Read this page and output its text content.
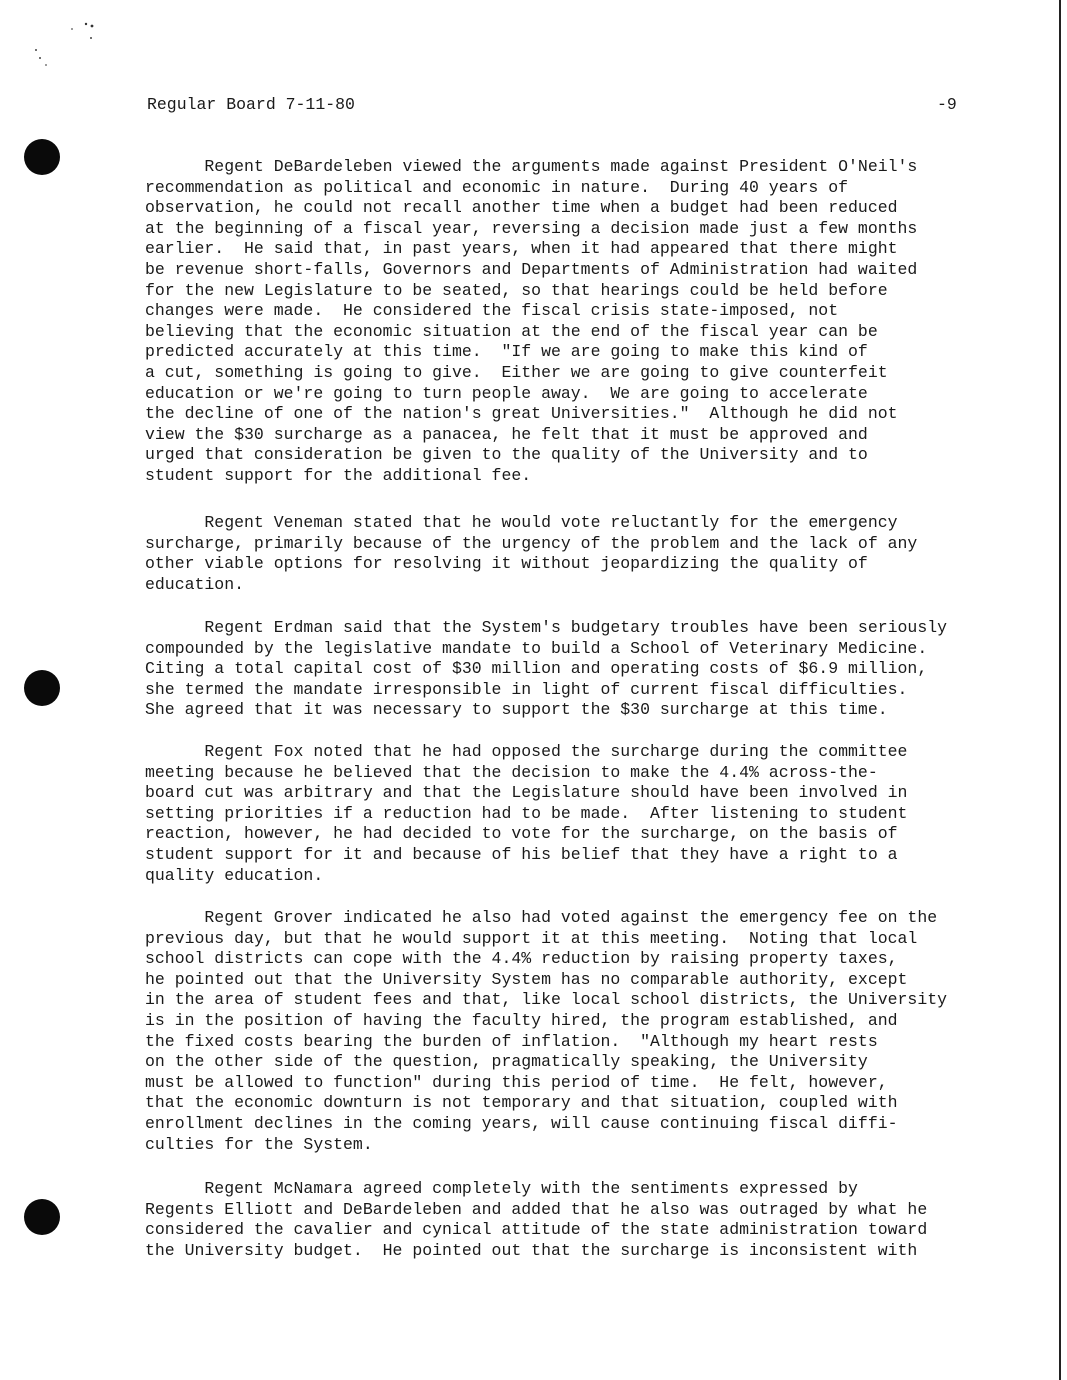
Regular Board 7-11-80	-9
Regent DeBardeleben viewed the arguments made against President O'Neil's
recommendation as political and economic in nature.  During 40 years of
observation, he could not recall another time when a budget had been reduced
at the beginning of a fiscal year, reversing a decision made just a few months
earlier.  He said that, in past years, when it had appeared that there might
be revenue short-falls, Governors and Departments of Administration had waited
for the new Legislature to be seated, so that hearings could be held before
changes were made.  He considered the fiscal crisis state-imposed, not
believing that the economic situation at the end of the fiscal year can be
predicted accurately at this time.  "If we are going to make this kind of
a cut, something is going to give.  Either we are going to give counterfeit
education or we're going to turn people away.  We are going to accelerate
the decline of one of the nation's great Universities."  Although he did not
view the $30 surcharge as a panacea, he felt that it must be approved and
urged that consideration be given to the quality of the University and to
student support for the additional fee.
Regent Veneman stated that he would vote reluctantly for the emergency
surcharge, primarily because of the urgency of the problem and the lack of any
other viable options for resolving it without jeopardizing the quality of
education.
Regent Erdman said that the System's budgetary troubles have been seriously
compounded by the legislative mandate to build a School of Veterinary Medicine.
Citing a total capital cost of $30 million and operating costs of $6.9 million,
she termed the mandate irresponsible in light of current fiscal difficulties.
She agreed that it was necessary to support the $30 surcharge at this time.
Regent Fox noted that he had opposed the surcharge during the committee
meeting because he believed that the decision to make the 4.4% across-the-
board cut was arbitrary and that the Legislature should have been involved in
setting priorities if a reduction had to be made.  After listening to student
reaction, however, he had decided to vote for the surcharge, on the basis of
student support for it and because of his belief that they have a right to a
quality education.
Regent Grover indicated he also had voted against the emergency fee on the
previous day, but that he would support it at this meeting.  Noting that local
school districts can cope with the 4.4% reduction by raising property taxes,
he pointed out that the University System has no comparable authority, except
in the area of student fees and that, like local school districts, the University
is in the position of having the faculty hired, the program established, and
the fixed costs bearing the burden of inflation.  "Although my heart rests
on the other side of the question, pragmatically speaking, the University
must be allowed to function" during this period of time.  He felt, however,
that the economic downturn is not temporary and that situation, coupled with
enrollment declines in the coming years, will cause continuing fiscal diffi-
culties for the System.
Regent McNamara agreed completely with the sentiments expressed by
Regents Elliott and DeBardeleben and added that he also was outraged by what he
considered the cavalier and cynical attitude of the state administration toward
the University budget.  He pointed out that the surcharge is inconsistent with
